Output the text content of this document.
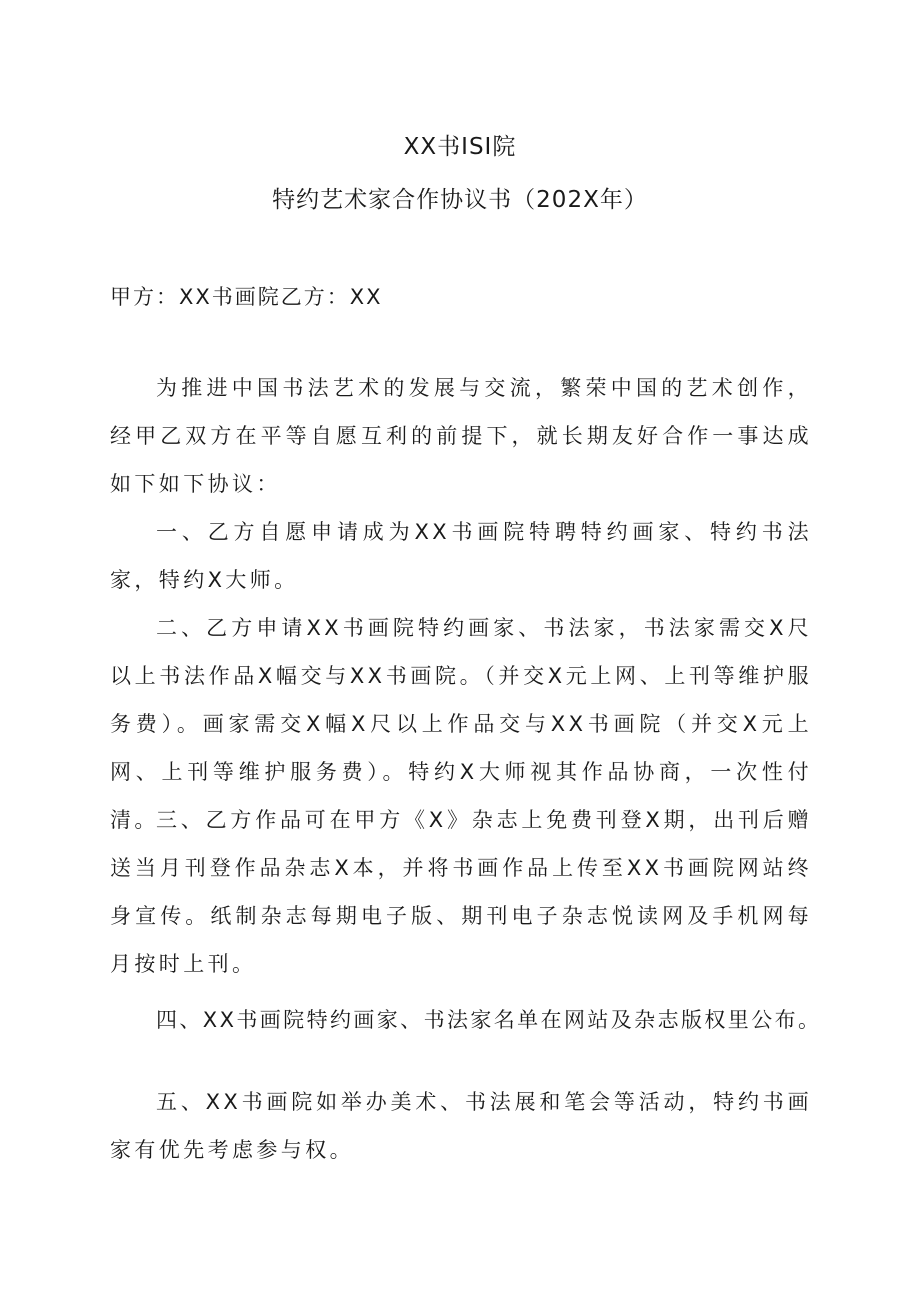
XX书ISI院
特约艺术家合作协议书（202X年）
甲方：XX书画院乙方：XX

为推进中国书法艺术的发展与交流，繁荣中国的艺术创作，经甲乙双方在平等自愿互利的前提下，就长期友好合作一事达成如下如下协议：

一、乙方自愿申请成为XX书画院特聘特约画家、特约书法家，特约X大师。

二、乙方申请XX书画院特约画家、书法家，书法家需交X尺以上书法作品X幅交与XX书画院。（并交X元上网、上刊等维护服务费）。画家需交X幅X尺以上作品交与XX书画院（并交X元上网、上刊等维护服务费）。特约X大师视其作品协商，一次性付清。

三、乙方作品可在甲方《X》杂志上免费刊登X期，出刊后赠送当月刊登作品杂志X本，并将书画作品上传至XX书画院网站终身宣传。纸制杂志每期电子版、期刊电子杂志悦读网及手机网每月按时上刊。

四、XX书画院特约画家、书法家名单在网站及杂志版权里公布。

五、XX书画院如举办美术、书法展和笔会等活动，特约书画家有优先考虑参与权。
